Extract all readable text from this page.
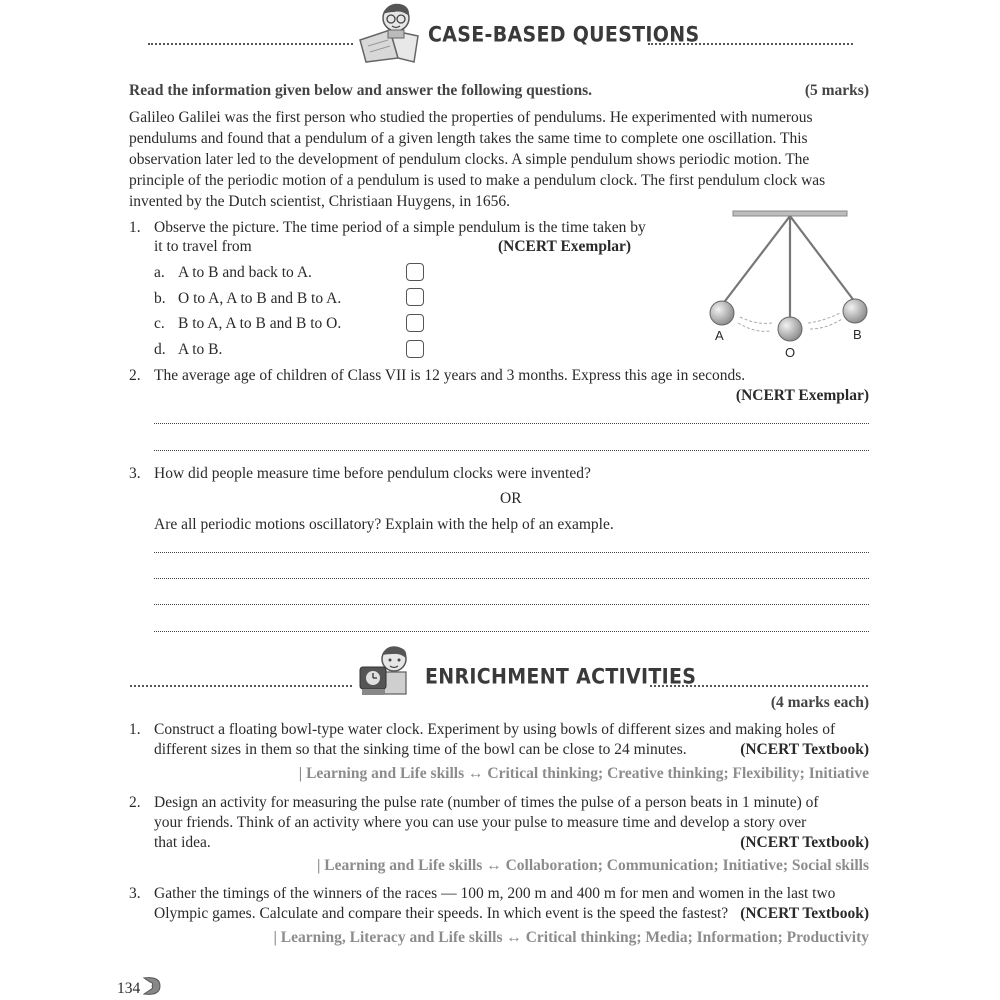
CASE-BASED QUESTIONS
Read the information given below and answer the following questions.	(5 marks)
Galileo Galilei was the first person who studied the properties of pendulums. He experimented with numerous
pendulums and found that a pendulum of a given length takes the same time to complete one oscillation. This
observation later led to the development of pendulum clocks. A simple pendulum shows periodic motion. The
principle of the periodic motion of a pendulum is used to make a pendulum clock. The first pendulum clock was
invented by the Dutch scientist, Christiaan Huygens, in 1656.
1. Observe the picture. The time period of a simple pendulum is the time taken by
it to travel from	(NCERT Exemplar)
a. A to B and back to A.
b. O to A, A to B and B to A.
c. B to A, A to B and B to O.
d. A to B.
A
O
B
2. The average age of children of Class VII is 12 years and 3 months. Express this age in seconds.
(NCERT Exemplar)
3. How did people measure time before pendulum clocks were invented?
OR
Are all periodic motions oscillatory? Explain with the help of an example.
ENRICHMENT ACTIVITIES
(4 marks each)
1. Construct a floating bowl-type water clock. Experiment by using bowls of different sizes and making holes of
different sizes in them so that the sinking time of the bowl can be close to 24 minutes.	(NCERT Textbook)
| Learning and Life skills ↔ Critical thinking; Creative thinking; Flexibility; Initiative
2. Design an activity for measuring the pulse rate (number of times the pulse of a person beats in 1 minute) of
your friends. Think of an activity where you can use your pulse to measure time and develop a story over
that idea.	(NCERT Textbook)
| Learning and Life skills ↔ Collaboration; Communication; Initiative; Social skills
3. Gather the timings of the winners of the races — 100 m, 200 m and 400 m for men and women in the last two
Olympic games. Calculate and compare their speeds. In which event is the speed the fastest? (NCERT Textbook)
| Learning, Literacy and Life skills ↔ Critical thinking; Media; Information; Productivity
134
